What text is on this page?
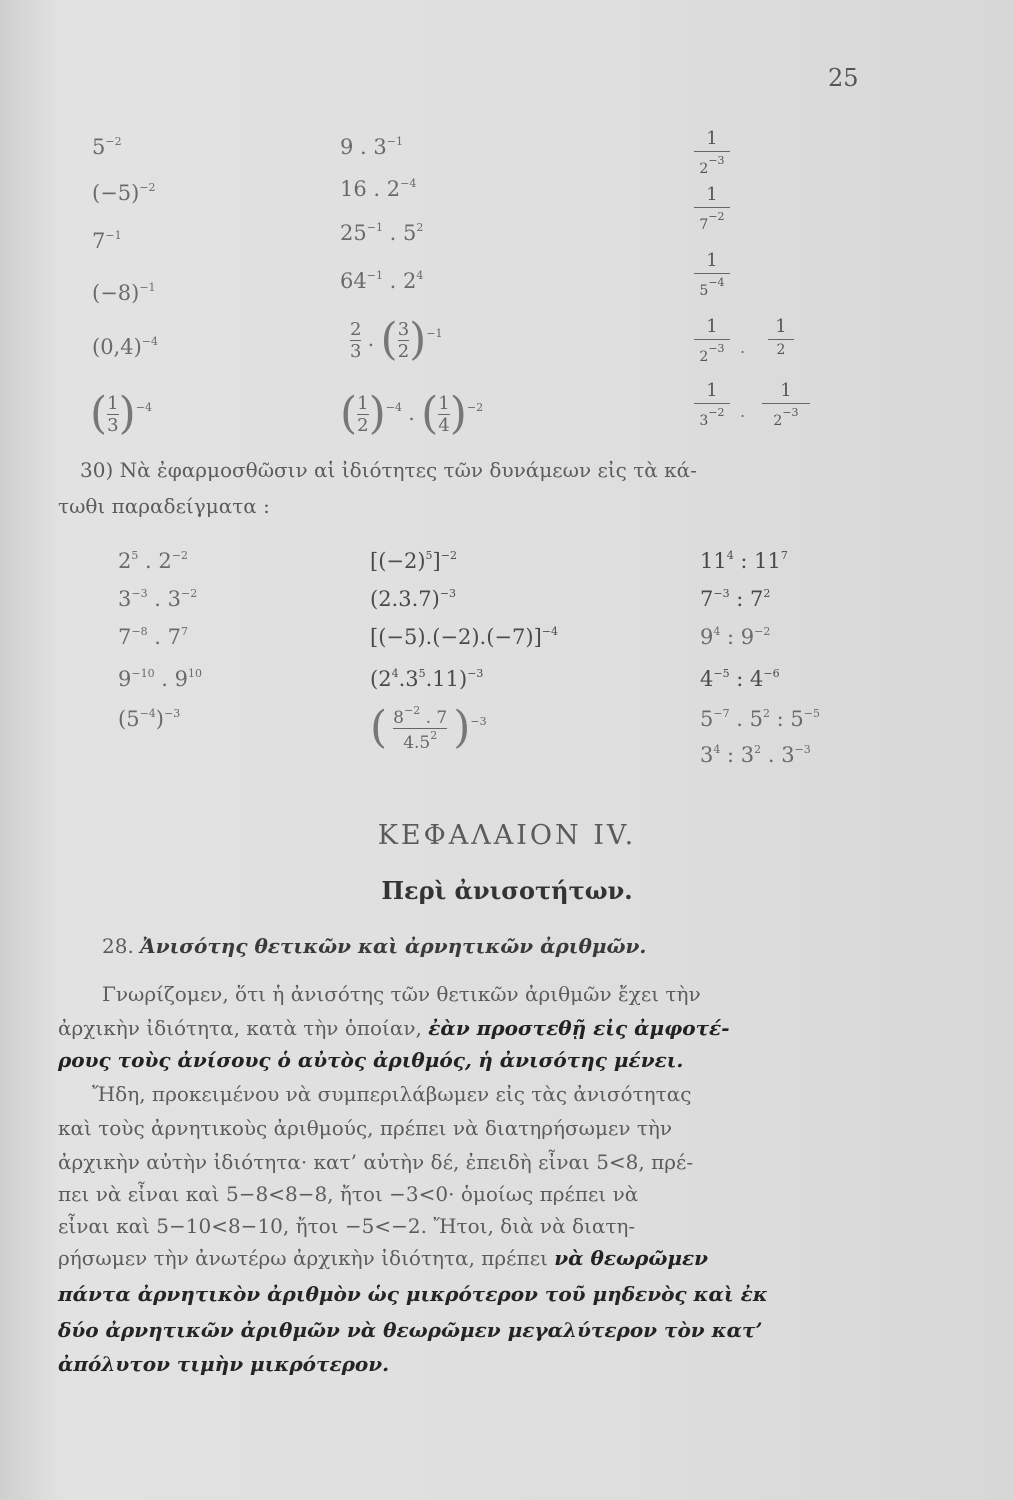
25
$5^{-2}$
$(-5)^{-2}$
$7^{-1}$
$(-8)^{-1}$
$(0,4)^{-4}$
( $\frac{1}{3} )^{-4}$
9 . $3^{-1}$
16 . $2^{-4}$
$25^{-1}$ . $5^2$
$64^{-1}$ . $2^4$
$\frac{2}{3}$ . ( $\frac{3}{2} )^{-1}$
( $\frac{1}{2} )^{-4}$ . ( $\frac{1}{4} )^{-2}$
1
$2^{-3}$
1
$7^{-2}$
1
$5^{-4}$
1
$2^{-3}$ .
1
2
1
$3^{-2}$ .
1
$2^{-3}$
30) Νὰ ἐφαρμοσθῶσιν αἱ ἰδιότητες τῶν δυνάμεων εἰς τὰ κά-
τωθι παραδείγματα :
$2^5$ . $2^{-2}$
$3^{-3}$ . $3^{-2}$
$7^{-8}$ . $7^7$
$9^{-10}$ . $9^{10}$
$(5^{-4})^{-3}$
$[(-2)^5]^{-2}$
$(2.3.7)^{-3}$
$[(-5).(-2).(-7)]^{-4}$
$(2^4.3^5.11)^{-3}$
( $\frac{8^{-2} . 7}{4.5^2} )^{-3}$
$11^4$ : $11^7$
$7^{-3}$ : $7^2$
$9^4$ : $9^{-2}$
$4^{-5}$ : $4^{-6}$
$5^{-7}$ . $5^2$ : $5^{-5}$
$3^4$ : $3^2$ . $3^{-3}$
ΚΕΦΑΛΑΙΟΝ IV.
Περὶ ἀνισοτήτων.
28. Ἀνισότης θετικῶν καὶ ἀρνητικῶν ἀριθμῶν.
Γνωρίζομεν, ὅτι ἡ ἀνισότης τῶν θετικῶν ἀριθμῶν ἔχει τὴν
ἀρχικὴν ἰδιότητα, κατὰ τὴν ὁποίαν, ἐὰν προστεθῇ εἰς ἀμφοτέ-
ρους τοὺς ἀνίσους ὁ αὐτὸς ἀριθμός, ἡ ἀνισότης μένει.
Ἤδη, προκειμένου νὰ συμπεριλάβωμεν εἰς τὰς ἀνισότητας
καὶ τοὺς ἀρνητικοὺς ἀριθμούς, πρέπει νὰ διατηρήσωμεν τὴν
ἀρχικὴν αὐτὴν ἰδιότητα· κατ’ αὐτὴν δέ, ἐπειδὴ εἶναι 5<8, πρέ-
πει νὰ εἶναι καὶ 5−8<8−8, ἤτοι −3<0· ὁμοίως πρέπει νὰ
εἶναι καὶ 5−10<8−10, ἤτοι −5<−2. Ἤτοι, διὰ νὰ διατη-
ρήσωμεν τὴν ἀνωτέρω ἀρχικὴν ἰδιότητα, πρέπει νὰ θεωρῶμεν
πάντα ἀρνητικὸν ἀριθμὸν ὡς μικρότερον τοῦ μηδενὸς καὶ ἐκ
δύο ἀρνητικῶν ἀριθμῶν νὰ θεωρῶμεν μεγαλύτερον τὸν κατ’
ἀπόλυτον τιμὴν μικρότερον.
